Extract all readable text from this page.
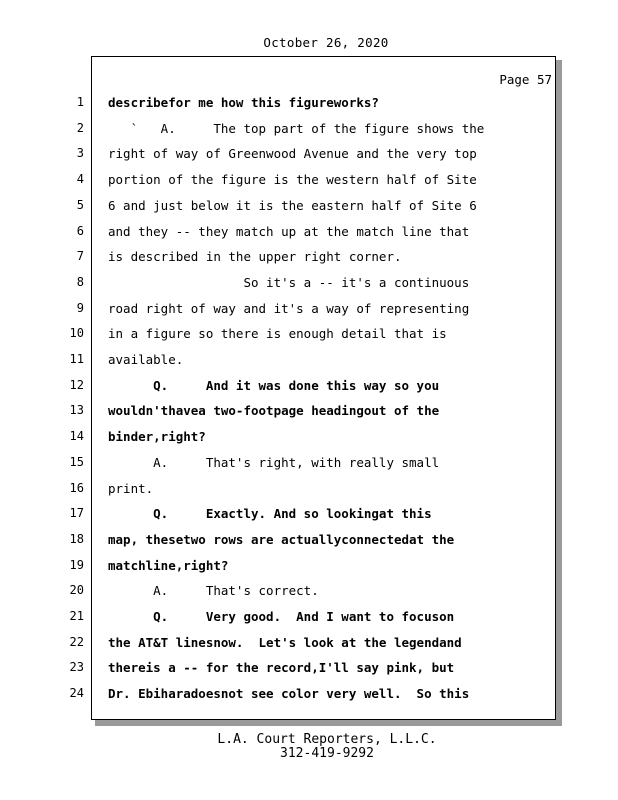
October 26, 2020
Page 57
1 describefor me how this figureworks?
2 `   A.     The top part of the figure shows the
3 right of way of Greenwood Avenue and the very top
4 portion of the figure is the western half of Site
5 6 and just below it is the eastern half of Site 6
6 and they -- they match up at the match line that
7 is described in the upper right corner.
8 So it's a -- it's a continuous
9 road right of way and it's a way of representing
10 in a figure so there is enough detail that is
11 available.
12 Q.     And it was done this way so you
13 wouldn'thavea two-footpage headingout of the
14 binder,right?
15 A.     That's right, with really small
16 print.
17 Q.     Exactly. And so lookingat this
18 map, thesetwo rows are actuallyconnectedat the
19 matchline,right?
20 A.     That's correct.
21 Q.     Very good.  And I want to focuson
22 the AT&T linesnow.  Let's look at the legendand
23 thereis a -- for the record,I'll say pink, but
24 Dr. Ebiharadoesnot see color very well.  So this
L.A. Court Reporters, L.L.C.
312-419-9292
